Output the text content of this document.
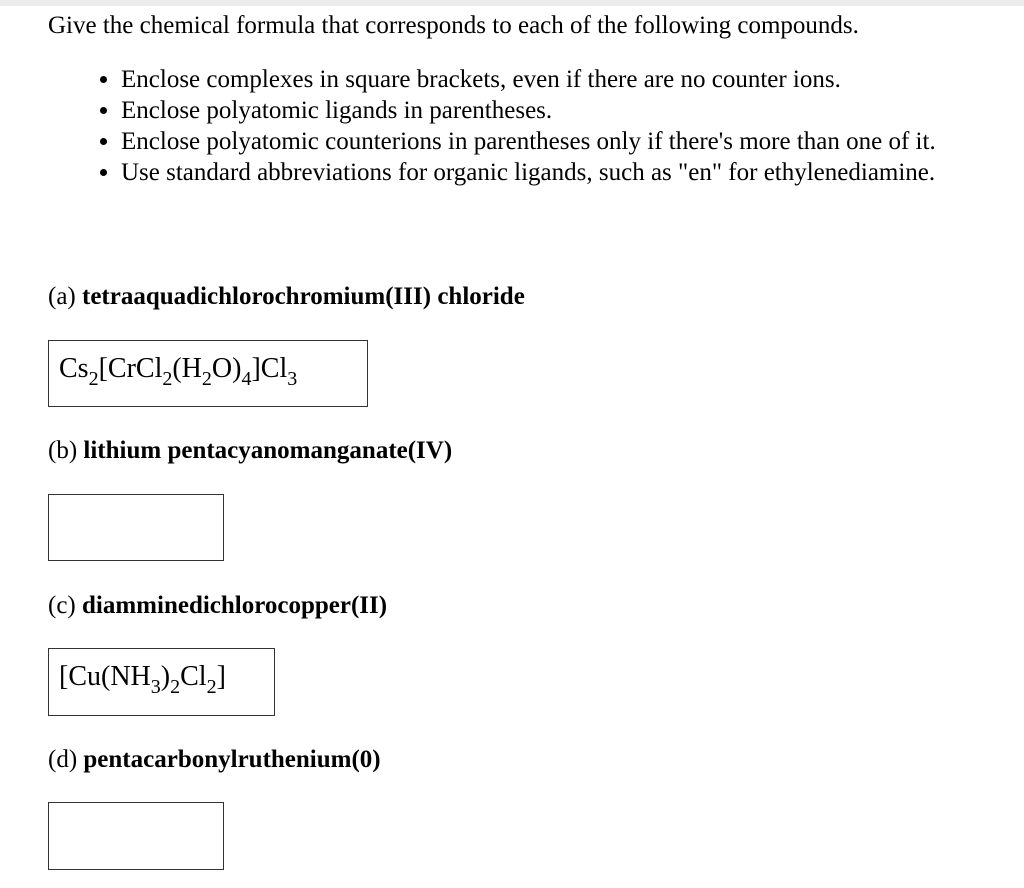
Give the chemical formula that corresponds to each of the following compounds.

• Enclose complexes in square brackets, even if there are no counter ions.
• Enclose polyatomic ligands in parentheses.
• Enclose polyatomic counterions in parentheses only if there's more than one of it.
• Use standard abbreviations for organic ligands, such as "en" for ethylenediamine.

(a) tetraaquadichlorochromium(III) chloride

$Cs_2[CrCl_2(H_2O)_4]Cl_3$

(b) lithium pentacyanomanganate(IV)

(c) diamminedichlorocopper(II)

$[Cu(NH_3)_2Cl_2]$

(d) pentacarbonylruthenium(0)
